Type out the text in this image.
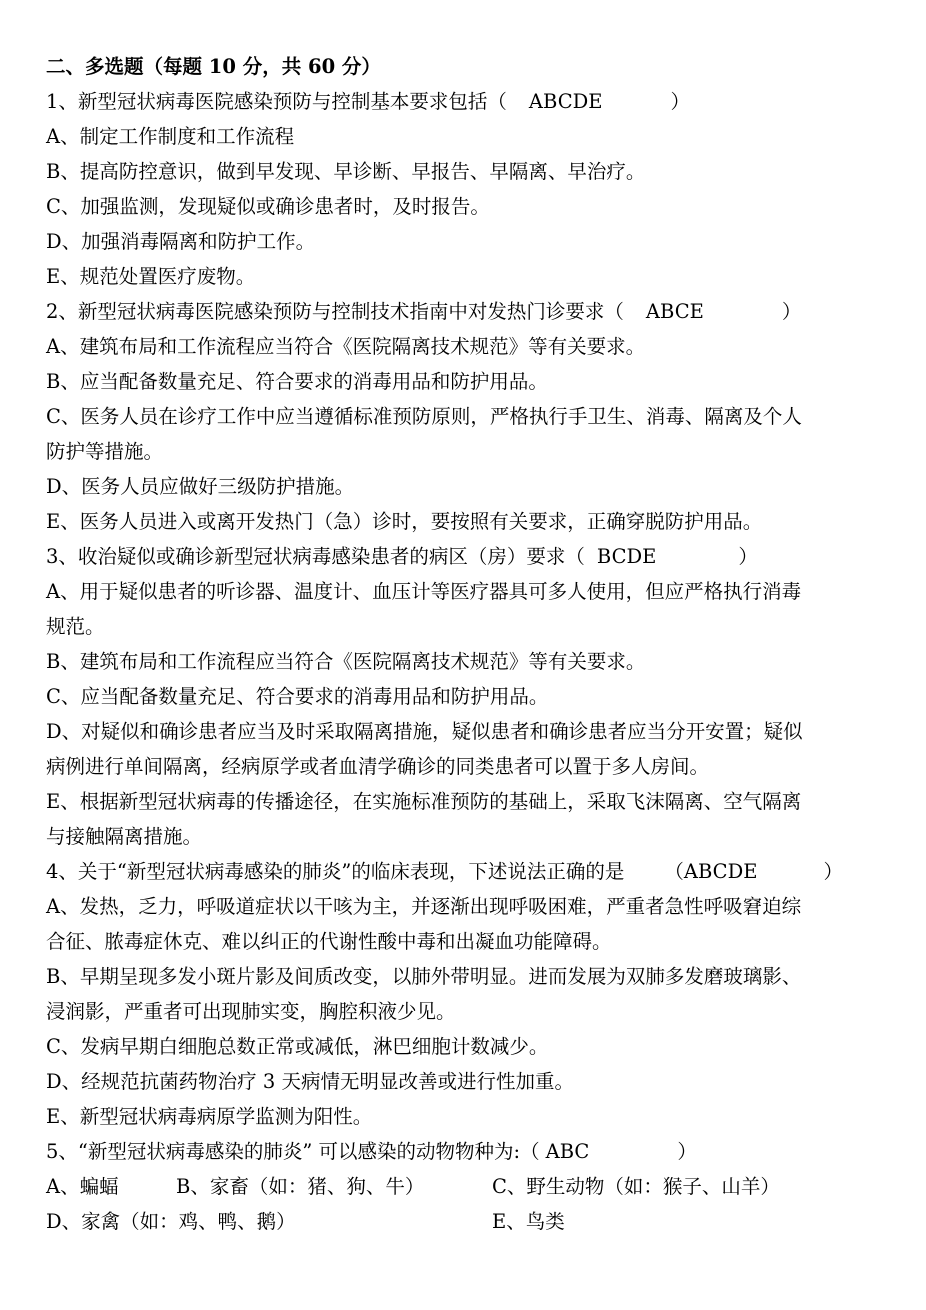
二、多选题（每题 10 分，共 60 分）
1、新型冠状病毒医院感染预防与控制基本要求包括（ ABCDE	）
A、制定工作制度和工作流程
B、提高防控意识，做到早发现、早诊断、早报告、早隔离、早治疗。
C、加强监测，发现疑似或确诊患者时，及时报告。
D、加强消毒隔离和防护工作。
E、规范处置医疗废物。
2、新型冠状病毒医院感染预防与控制技术指南中对发热门诊要求（ ABCE	）
A、建筑布局和工作流程应当符合《医院隔离技术规范》等有关要求。
B、应当配备数量充足、符合要求的消毒用品和防护用品。
C、医务人员在诊疗工作中应当遵循标准预防原则，严格执行手卫生、消毒、隔离及个人
防护等措施。
D、医务人员应做好三级防护措施。
E、医务人员进入或离开发热门（急）诊时，要按照有关要求，正确穿脱防护用品。
3、收治疑似或确诊新型冠状病毒感染患者的病区（房）要求（ BCDE	）
A、用于疑似患者的听诊器、温度计、血压计等医疗器具可多人使用，但应严格执行消毒
规范。
B、建筑布局和工作流程应当符合《医院隔离技术规范》等有关要求。
C、应当配备数量充足、符合要求的消毒用品和防护用品。
D、对疑似和确诊患者应当及时采取隔离措施，疑似患者和确诊患者应当分开安置；疑似
病例进行单间隔离，经病原学或者血清学确诊的同类患者可以置于多人房间。
E、根据新型冠状病毒的传播途径，在实施标准预防的基础上，采取飞沫隔离、空气隔离
与接触隔离措施。
4、关于“新型冠状病毒感染的肺炎”的临床表现，下述说法正确的是 （ABCDE	）
A、发热，乏力，呼吸道症状以干咳为主，并逐渐出现呼吸困难，严重者急性呼吸窘迫综
合征、脓毒症休克、难以纠正的代谢性酸中毒和出凝血功能障碍。
B、早期呈现多发小斑片影及间质改变，以肺外带明显。进而发展为双肺多发磨玻璃影、
浸润影，严重者可出现肺实变，胸腔积液少见。
C、发病早期白细胞总数正常或减低，淋巴细胞计数减少。
D、经规范抗菌药物治疗 3 天病情无明显改善或进行性加重。
E、新型冠状病毒病原学监测为阳性。
5、“新型冠状病毒感染的肺炎” 可以感染的动物物种为:（ ABC	）
A、蝙蝠	B、家畜（如：猪、狗、牛）	C、野生动物（如：猴子、山羊）
D、家禽（如：鸡、鸭、鹅）	E、鸟类
